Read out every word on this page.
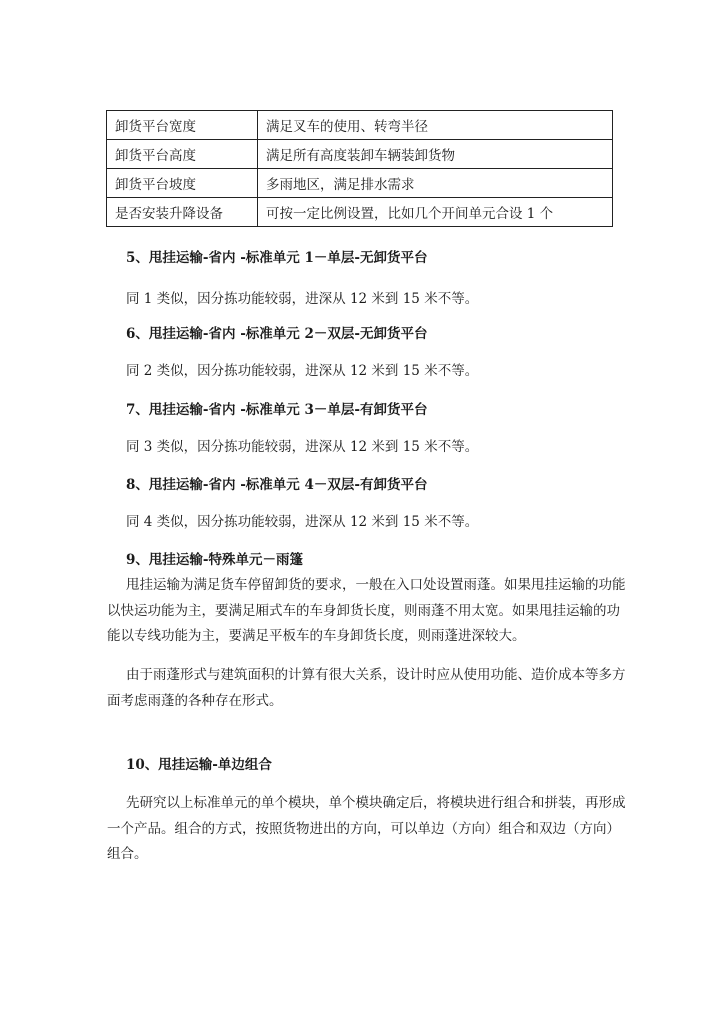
卸货平台宽度	满足叉车的使用、转弯半径
卸货平台高度	满足所有高度装卸车辆装卸货物
卸货平台坡度	多雨地区，满足排水需求
是否安装升降设备	可按一定比例设置，比如几个开间单元合设 1 个
5、甩挂运输-省内 -标准单元 1－单层-无卸货平台
同 1 类似，因分拣功能较弱，进深从 12 米到 15 米不等。
6、甩挂运输-省内 -标准单元 2－双层-无卸货平台
同 2 类似，因分拣功能较弱，进深从 12 米到 15 米不等。
7、甩挂运输-省内 -标准单元 3－单层-有卸货平台
同 3 类似，因分拣功能较弱，进深从 12 米到 15 米不等。
8、甩挂运输-省内 -标准单元 4－双层-有卸货平台
同 4 类似，因分拣功能较弱，进深从 12 米到 15 米不等。
9、甩挂运输-特殊单元－雨篷

甩挂运输为满足货车停留卸货的要求，一般在入口处设置雨蓬。如果甩挂运输的功能以快运功能为主，要满足厢式车的车身卸货长度，则雨蓬不用太宽。如果甩挂运输的功能以专线功能为主，要满足平板车的车身卸货长度，则雨蓬进深较大。

由于雨蓬形式与建筑面积的计算有很大关系，设计时应从使用功能、造价成本等多方面考虑雨蓬的各种存在形式。

10、甩挂运输-单边组合

先研究以上标准单元的单个模块，单个模块确定后，将模块进行组合和拼装，再形成一个产品。组合的方式，按照货物进出的方向，可以单边（方向）组合和双边（方向）组合。
